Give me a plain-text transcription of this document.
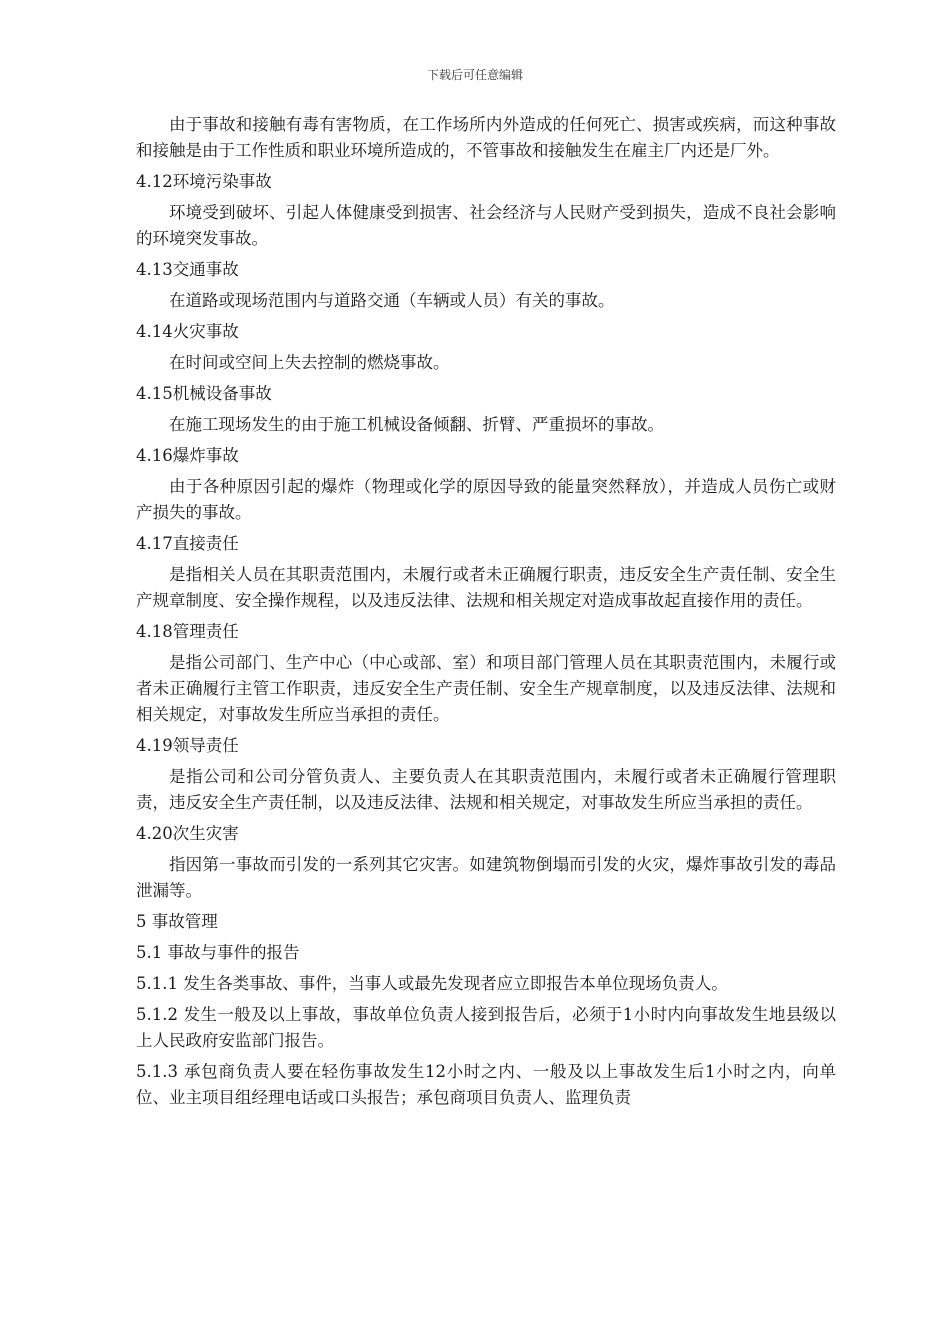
下载后可任意编辑

由于事故和接触有毒有害物质，在工作场所内外造成的任何死亡、损害或疾病，而这种事故和接触是由于工作性质和职业环境所造成的，不管事故和接触发生在雇主厂内还是厂外。

4.12环境污染事故

环境受到破坏、引起人体健康受到损害、社会经济与人民财产受到损失，造成不良社会影响的环境突发事故。

4.13交通事故

在道路或现场范围内与道路交通（车辆或人员）有关的事故。

4.14火灾事故

在时间或空间上失去控制的燃烧事故。

4.15机械设备事故

在施工现场发生的由于施工机械设备倾翻、折臂、严重损坏的事故。

4.16爆炸事故

由于各种原因引起的爆炸（物理或化学的原因导致的能量突然释放），并造成人员伤亡或财产损失的事故。

4.17直接责任

是指相关人员在其职责范围内，未履行或者未正确履行职责，违反安全生产责任制、安全生产规章制度、安全操作规程，以及违反法律、法规和相关规定对造成事故起直接作用的责任。

4.18管理责任

是指公司部门、生产中心（中心或部、室）和项目部门管理人员在其职责范围内，未履行或者未正确履行主管工作职责，违反安全生产责任制、安全生产规章制度，以及违反法律、法规和相关规定，对事故发生所应当承担的责任。

4.19领导责任

是指公司和公司分管负责人、主要负责人在其职责范围内，未履行或者未正确履行管理职责，违反安全生产责任制，以及违反法律、法规和相关规定，对事故发生所应当承担的责任。

4.20次生灾害

指因第一事故而引发的一系列其它灾害。如建筑物倒塌而引发的火灾，爆炸事故引发的毒品泄漏等。

5 事故管理

5.1 事故与事件的报告

5.1.1 发生各类事故、事件，当事人或最先发现者应立即报告本单位现场负责人。

5.1.2 发生一般及以上事故，事故单位负责人接到报告后，必须于1小时内向事故发生地县级以上人民政府安监部门报告。

5.1.3 承包商负责人要在轻伤事故发生12小时之内、一般及以上事故发生后1小时之内，向单位、业主项目组经理电话或口头报告；承包商项目负责人、监理负责
